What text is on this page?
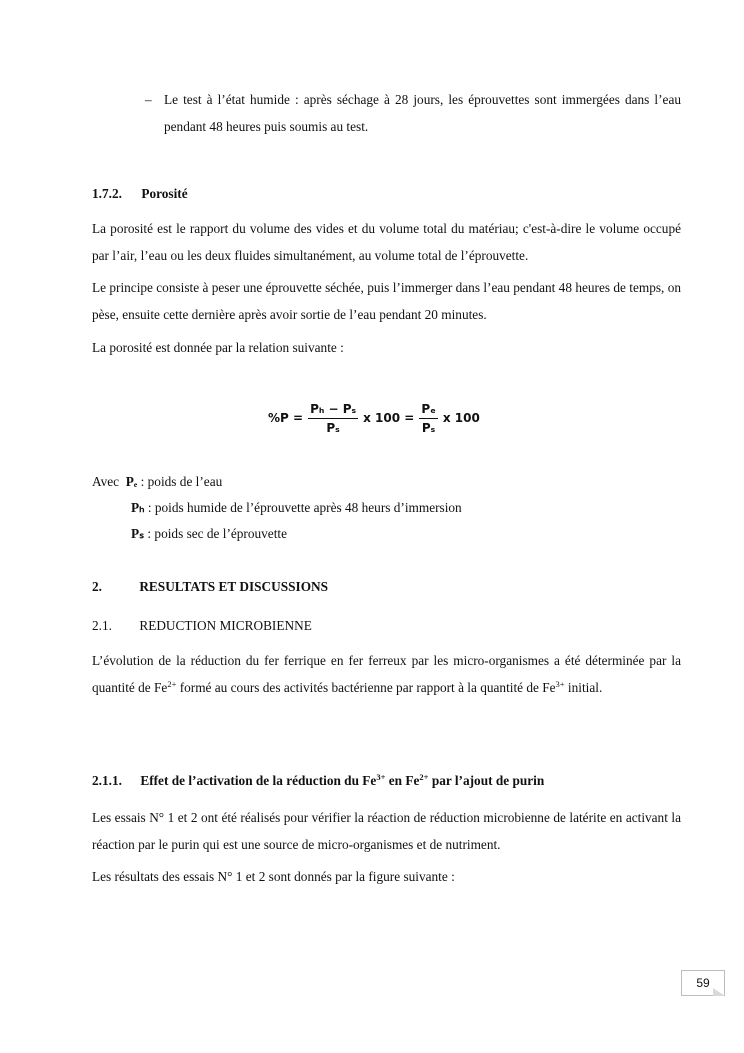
– Le test à l’état humide : après séchage à 28 jours, les éprouvettes sont immergées dans l’eau pendant 48 heures puis soumis au test.
1.7.2. Porosité
La porosité est le rapport du volume des vides et du volume total du matériau; c'est-à-dire le volume occupé par l’air, l’eau ou les deux fluides simultanément, au volume total de l’éprouvette.
Le principe consiste à peser une éprouvette séchée, puis l’immerger dans l’eau pendant 48 heures de temps, on pèse, ensuite cette dernière après avoir sortie de l’eau pendant 20 minutes.
La porosité est donnée par la relation suivante :
$\%P = \frac{\text{Pₕ − Pₛ}}{\text{Pₛ}}$ x $100 = \frac{\text{Pₑ}}{\text{Pₛ}}$ x 100
Avec Pₑ : poids de l’eau
Pₕ : poids humide de l’éprouvette après 48 heurs d’immersion
Pₛ : poids sec de l’éprouvette
2.	RESULTATS ET DISCUSSIONS
2.1. REDUCTION MICROBIENNE
L’évolution de la réduction du fer ferrique en fer ferreux par les micro-organismes a été déterminée par la quantité de $Fe^{2+}$ formé au cours des activités bactérienne par rapport à la quantité de $Fe^{3+}$ initial.
2.1.1. Effet de l’activation de la réduction du $Fe^{3+}$ en $Fe^{2+}$ par l’ajout de purin
Les essais N° 1 et 2 ont été réalisés pour vérifier la réaction de réduction microbienne de latérite en activant la réaction par le purin qui est une source de micro-organismes et de nutriment.
Les résultats des essais N° 1 et 2 sont donnés par la figure suivante :
59
